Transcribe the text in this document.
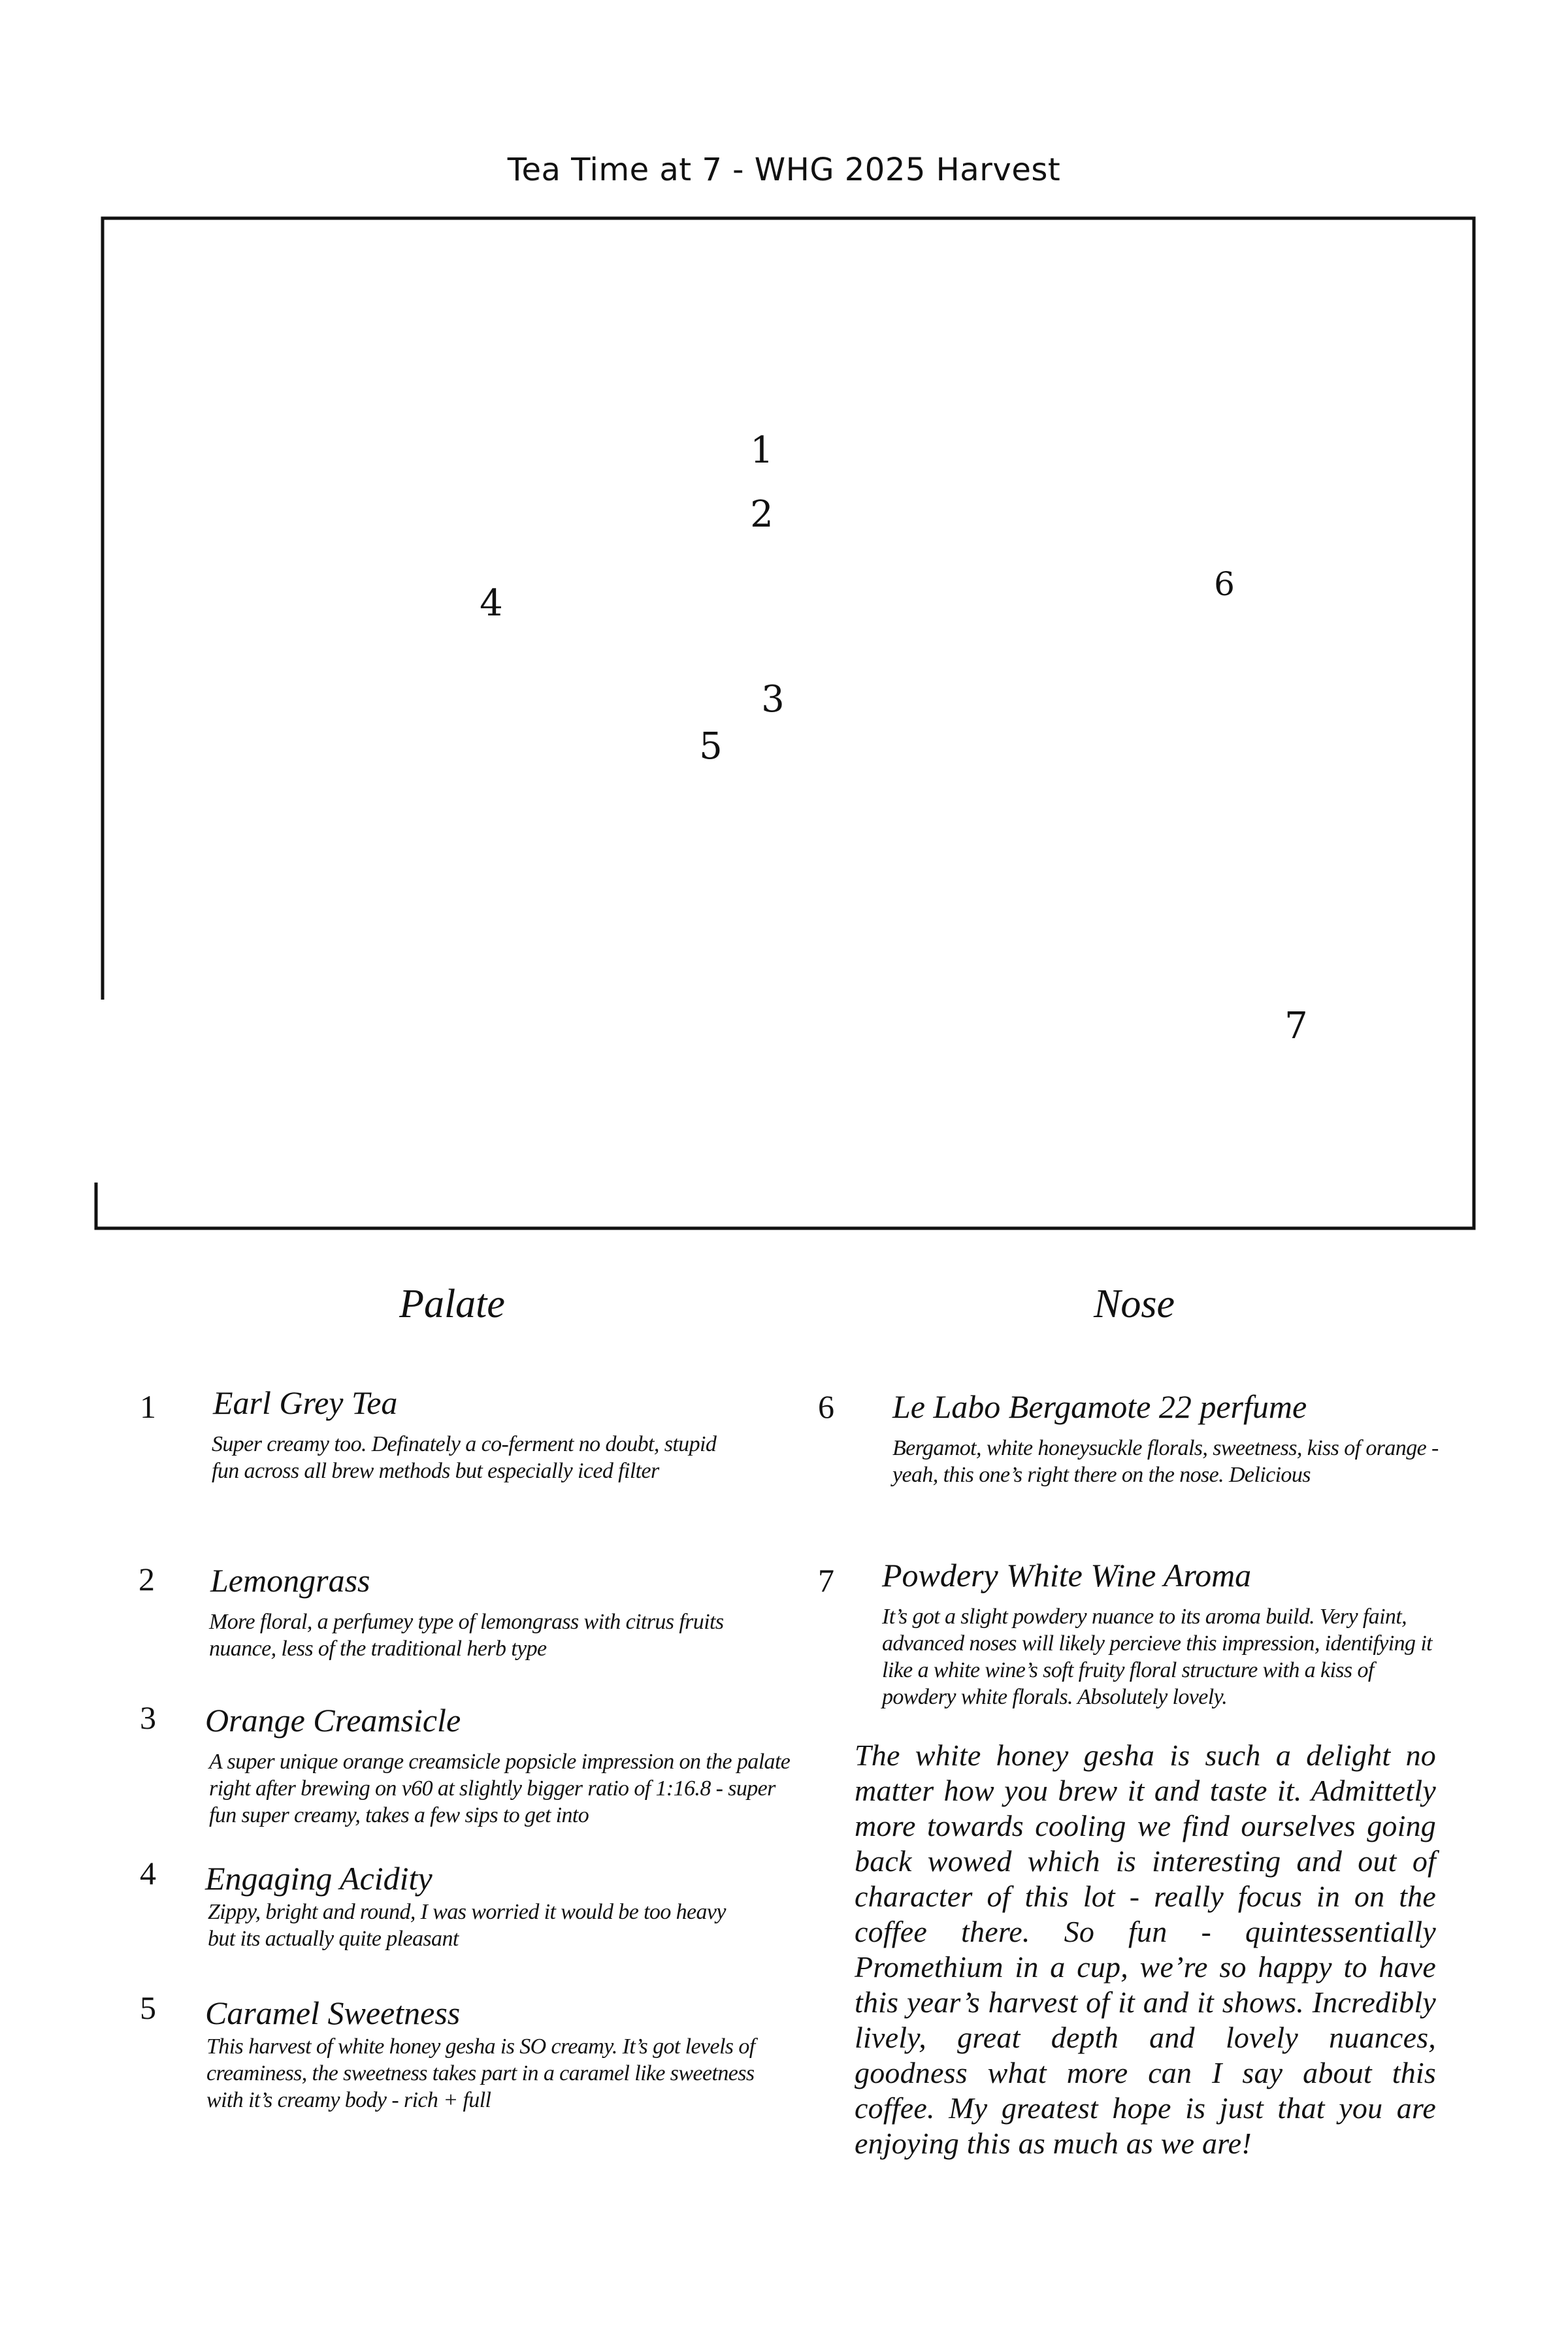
Tea Time at 7 - WHG 2025 Harvest
1
2
3
4
5
6
7
Palate	Nose
1 Earl Grey Tea
Super creamy too. Definately a co-ferment no doubt, stupid fun across all brew methods but especially iced filter
2 Lemongrass
More floral, a perfumey type of lemongrass with citrus fruits nuance, less of the traditional herb type
3 Orange Creamsicle
A super unique orange creamsicle popsicle impression on the palate right after brewing on v60 at slightly bigger ratio of 1:16.8 - super fun super creamy, takes a few sips to get into
4 Engaging Acidity
Zippy, bright and round, I was worried it would be too heavy but its actually quite pleasant
5 Caramel Sweetness
This harvest of white honey gesha is SO creamy. It’s got levels of creaminess, the sweetness takes part in a caramel like sweetness with it’s creamy body - rich + full
6 Le Labo Bergamote 22 perfume
Bergamot, white honeysuckle florals, sweetness, kiss of orange - yeah, this one’s right there on the nose. Delicious
7 Powdery White Wine Aroma
It’s got a slight powdery nuance to its aroma build. Very faint, advanced noses will likely percieve this impression, identifying it like a white wine’s soft fruity floral structure with a kiss of powdery white florals. Absolutely lovely.
The white honey gesha is such a delight no matter how you brew it and taste it. Admittetly more towards cooling we find ourselves going back wowed which is interesting and out of character of this lot - really focus in on the coffee there. So fun - quintessentially Promethium in a cup, we’re so happy to have this year’s harvest of it and it shows. Incredibly lively, great depth and lovely nuances, goodness what more can I say about this coffee. My greatest hope is just that you are enjoying this as much as we are!
